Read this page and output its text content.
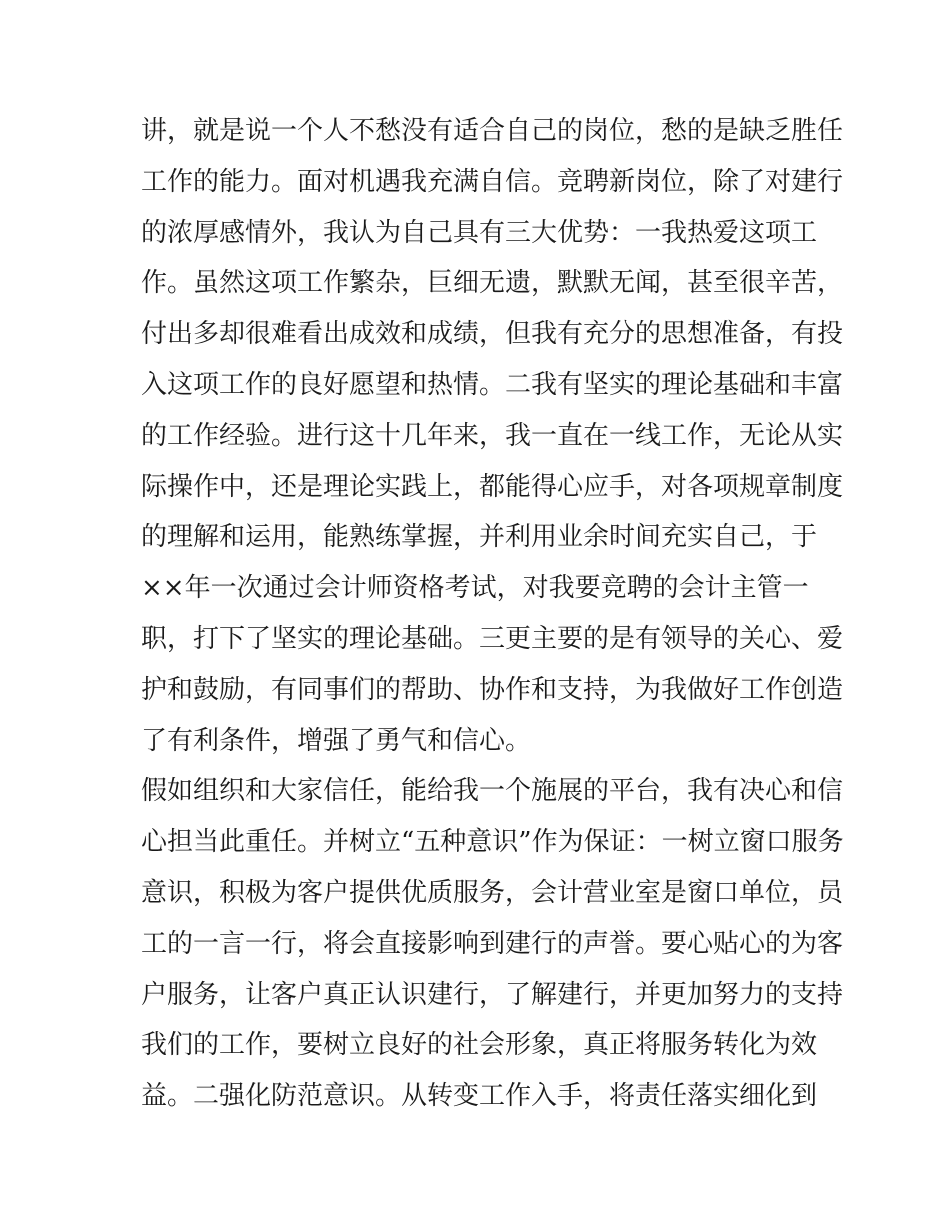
讲，就是说一个人不愁没有适合自己的岗位，愁的是缺乏胜任
工作的能力。面对机遇我充满自信。竞聘新岗位，除了对建行
的浓厚感情外，我认为自己具有三大优势：一我热爱这项工
作。虽然这项工作繁杂，巨细无遗，默默无闻，甚至很辛苦，
付出多却很难看出成效和成绩，但我有充分的思想准备，有投
入这项工作的良好愿望和热情。二我有坚实的理论基础和丰富
的工作经验。进行这十几年来，我一直在一线工作，无论从实
际操作中，还是理论实践上，都能得心应手，对各项规章制度
的理解和运用，能熟练掌握，并利用业余时间充实自己，于
××年一次通过会计师资格考试，对我要竞聘的会计主管一
职，打下了坚实的理论基础。三更主要的是有领导的关心、爱
护和鼓励，有同事们的帮助、协作和支持，为我做好工作创造
了有利条件，增强了勇气和信心。
假如组织和大家信任，能给我一个施展的平台，我有决心和信
心担当此重任。并树立“五种意识”作为保证：一树立窗口服务
意识，积极为客户提供优质服务，会计营业室是窗口单位，员
工的一言一行，将会直接影响到建行的声誉。要心贴心的为客
户服务，让客户真正认识建行，了解建行，并更加努力的支持
我们的工作，要树立良好的社会形象，真正将服务转化为效
益。二强化防范意识。从转变工作入手，将责任落实细化到
